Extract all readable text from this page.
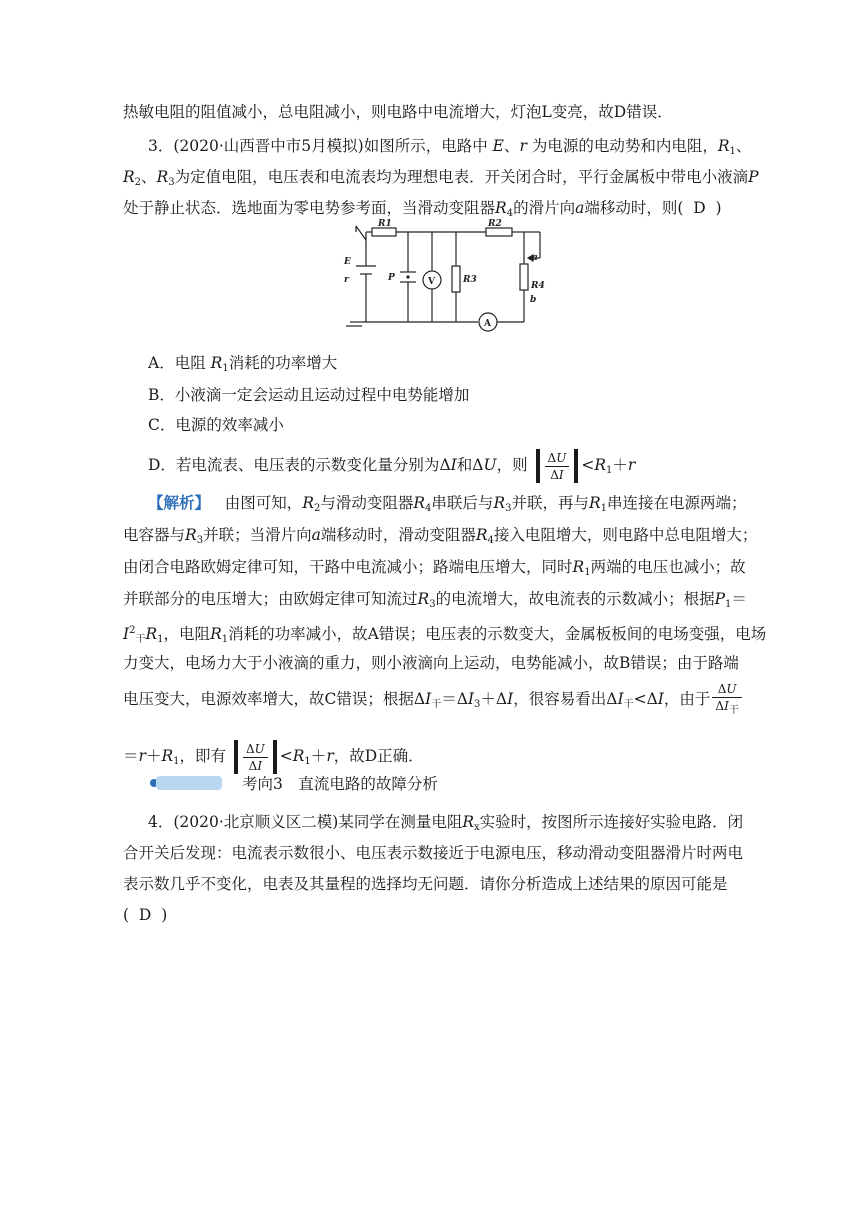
热敏电阻的阻值减小，总电阻减小，则电路中电流增大，灯泡L变亮，故D错误．
3．(2020·山西晋中市5月模拟)如图所示，电路中 E、r 为电源的电动势和内电阻，$R_1$、
$R_2$、$R_3$为定值电阻，电压表和电流表均为理想电表．开关闭合时，平行金属板中带电小液滴P
处于静止状态．选地面为零电势参考面，当滑动变阻器$R_4$的滑片向a端移动时，则( D  )
R1	R2
R3
R4
E
r	P	V
A
a
b
A．电阻 $R_1$消耗的功率增大
B．小液滴一定会运动且运动过程中电势能增加
C．电源的效率减小
D．若电流表、电压表的示数变化量分别为ΔI和ΔU，则 $\frac{\Delta U}{\Delta I} <R_1+r$
【解析】 由图可知，$R_2$与滑动变阻器$R_4$串联后与$R_3$并联，再与$R_1$串连接在电源两端；
电容器与$R_3$并联；当滑片向a端移动时，滑动变阻器$R_4$接入电阻增大，则电路中总电阻增大；
由闭合电路欧姆定律可知，干路中电流减小；路端电压增大，同时$R_1$两端的电压也减小；故
并联部分的电压增大；由欧姆定律可知流过$R_3$的电流增大，故电流表的示数减小；根据$P_1=$
$I^2_干R_1$，电阻$R_1$消耗的功率减小，故A错误；电压表的示数变大，金属板板间的电场变强，电场
力变大，电场力大于小液滴的重力，则小液滴向上运动，电势能减小，故B错误；由于路端
电压变大，电源效率增大，故C错误；根据$\Delta I_干=\Delta I_3+\Delta I$，很容易看出$\Delta I_干<\Delta I$，由于 $\frac{\Delta U}{\Delta I_干}$
$=r+R_1$，即有 $\frac{\Delta U}{\Delta I} <R_1+r$，故D正确．
考向3　直流电路的故障分析
4．(2020·北京顺义区二模)某同学在测量电阻$R_x$实验时，按图所示连接好实验电路．闭
合开关后发现：电流表示数很小、电压表示数接近于电源电压，移动滑动变阻器滑片时两电
表示数几乎不变化，电表及其量程的选择均无问题．请你分析造成上述结果的原因可能是
( D  )
